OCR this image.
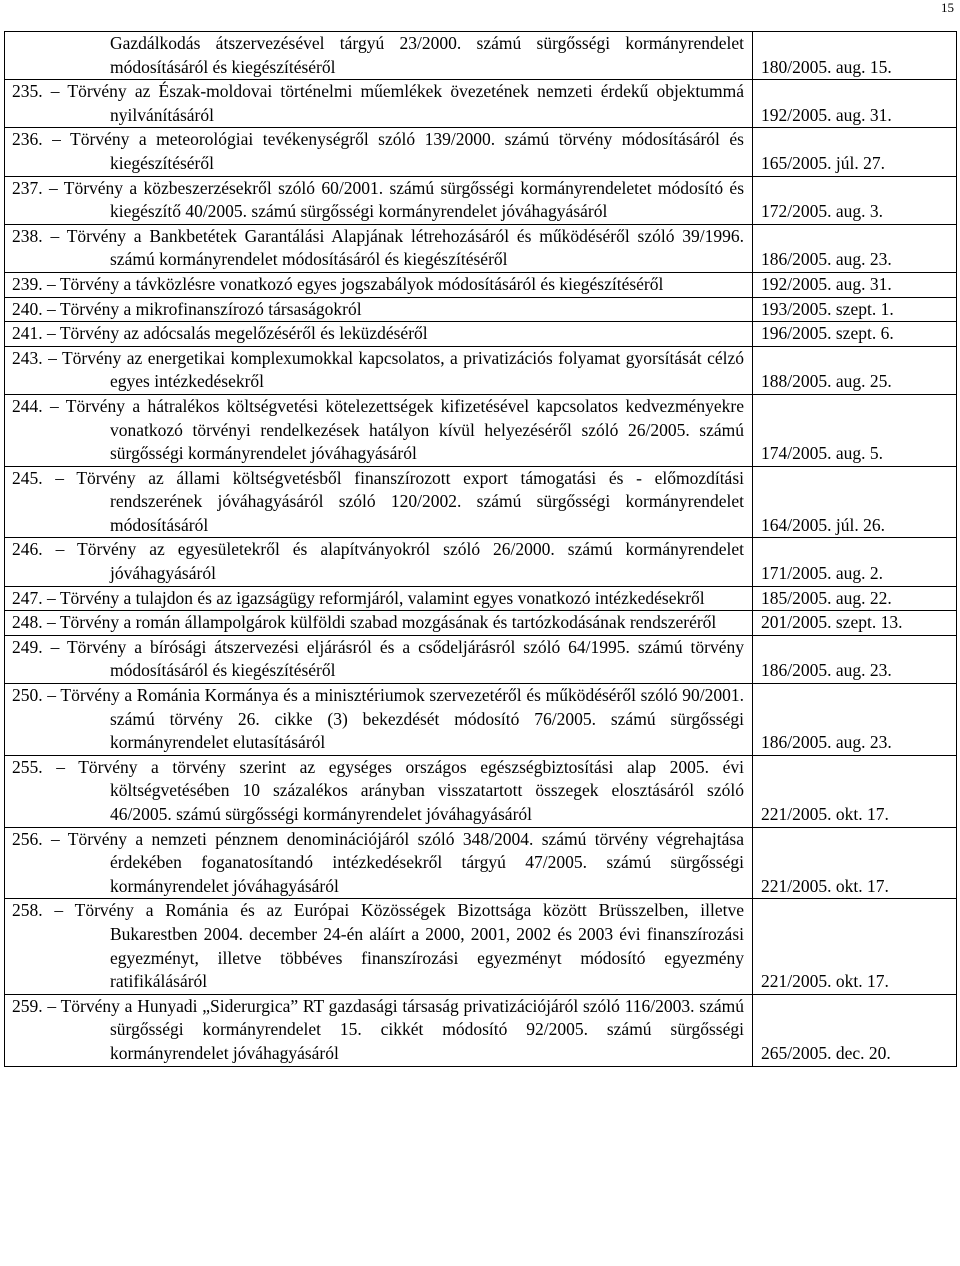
15
Gazdálkodás átszervezésével tárgyú 23/2000. számú sürgősségi kormányrendelet módosításáról és kiegészítéséről	180/2005. aug. 15.

235. – Törvény az Észak-moldovai történelmi műemlékek övezetének nemzeti érdekű objektummá nyilvánításáról	192/2005. aug. 31.

236. – Törvény a meteorológiai tevékenységről szóló 139/2000. számú törvény módosításáról és kiegészítéséről	165/2005. júl. 27.

237. – Törvény a közbeszerzésekről szóló 60/2001. számú sürgősségi kormányrendeletet módosító és kiegészítő 40/2005. számú sürgősségi kormányrendelet jóváhagyásáról	172/2005. aug. 3.

238. – Törvény a Bankbetétek Garantálási Alapjának létrehozásáról és működéséről szóló 39/1996. számú kormányrendelet módosításáról és kiegészítéséről	186/2005. aug. 23.

239. – Törvény a távközlésre vonatkozó egyes jogszabályok módosításáról és kiegészítéséről	192/2005. aug. 31.

240. – Törvény a mikrofinanszírozó társaságokról	193/2005. szept. 1.

241. – Törvény az adócsalás megelőzéséről és leküzdéséről	196/2005. szept. 6.

243. – Törvény az energetikai komplexumokkal kapcsolatos, a privatizációs folyamat gyorsítását célzó egyes intézkedésekről	188/2005. aug. 25.

244. – Törvény a hátralékos költségvetési kötelezettségek kifizetésével kapcsolatos kedvezményekre vonatkozó törvényi rendelkezések hatályon kívül helyezéséről szóló 26/2005. számú sürgősségi kormányrendelet jóváhagyásáról	174/2005. aug. 5.

245. – Törvény az állami költségvetésből finanszírozott export támogatási és - előmozdítási rendszerének jóváhagyásáról szóló 120/2002. számú sürgősségi kormányrendelet módosításáról	164/2005. júl. 26.

246. – Törvény az egyesületekről és alapítványokról szóló 26/2000. számú kormányrendelet jóváhagyásáról	171/2005. aug. 2.

247. – Törvény a tulajdon és az igazságügy reformjáról, valamint egyes vonatkozó intézkedésekről	185/2005. aug. 22.

248. – Törvény a román állampolgárok külföldi szabad mozgásának és tartózkodásának rendszeréről	201/2005. szept. 13.

249. – Törvény a bírósági átszervezési eljárásról és a csődeljárásról szóló 64/1995. számú törvény módosításáról és kiegészítéséről	186/2005. aug. 23.

250. – Törvény a Románia Kormánya és a minisztériumok szervezetéről és működéséről szóló 90/2001. számú törvény 26. cikke (3) bekezdését módosító 76/2005. számú sürgősségi kormányrendelet elutasításáról	186/2005. aug. 23.

255. – Törvény a törvény szerint az egységes országos egészségbiztosítási alap 2005. évi költségvetésében 10 százalékos arányban visszatartott összegek elosztásáról szóló 46/2005. számú sürgősségi kormányrendelet jóváhagyásáról	221/2005. okt. 17.

256. – Törvény a nemzeti pénznem denominációjáról szóló 348/2004. számú törvény végrehajtása érdekében foganatosítandó intézkedésekről tárgyú 47/2005. számú sürgősségi kormányrendelet jóváhagyásáról	221/2005. okt. 17.

258. – Törvény a Románia és az Európai Közösségek Bizottsága között Brüsszelben, illetve Bukarestben 2004. december 24-én aláírt a 2000, 2001, 2002 és 2003 évi finanszírozási egyezményt, illetve többéves finanszírozási egyezményt módosító egyezmény ratifikálásáról	221/2005. okt. 17.

259. – Törvény a Hunyadi „Siderurgica” RT gazdasági társaság privatizációjáról szóló 116/2003. számú sürgősségi kormányrendelet 15. cikkét módosító 92/2005. számú sürgősségi kormányrendelet jóváhagyásáról	265/2005. dec. 20.
